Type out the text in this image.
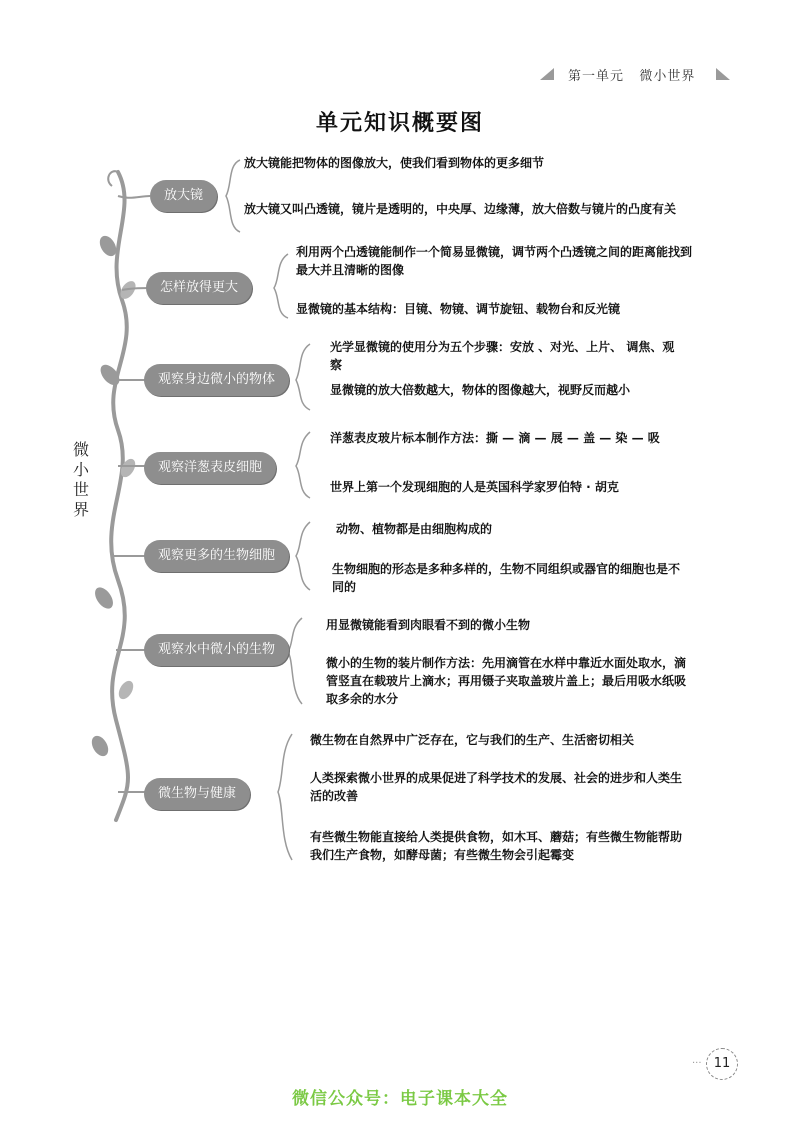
第一单元 微小世界
单元知识概要图
微小世界
放大镜
怎样放得更大
观察身边微小的物体
观察洋葱表皮细胞
观察更多的生物细胞
观察水中微小的生物
微生物与健康
放大镜能把物体的图像放大，使我们看到物体的更多细节
放大镜又叫凸透镜，镜片是透明的，中央厚、边缘薄，放大倍数与镜片的凸度有关
利用两个凸透镜能制作一个简易显微镜，调节两个凸透镜之间的距离能找到最大并且清晰的图像
显微镜的基本结构：目镜、物镜、调节旋钮、载物台和反光镜
光学显微镜的使用分为五个步骤：安放 、对光、上片、 调焦、观察
显微镜的放大倍数越大，物体的图像越大，视野反而越小
洋葱表皮玻片标本制作方法：撕 — 滴 — 展 — 盖 — 染 — 吸
世界上第一个发现细胞的人是英国科学家罗伯特 · 胡克
动物、植物都是由细胞构成的
生物细胞的形态是多种多样的，生物不同组织或器官的细胞也是不同的
用显微镜能看到肉眼看不到的微小生物
微小的生物的装片制作方法：先用滴管在水样中靠近水面处取水，滴管竖直在载玻片上滴水；再用镊子夹取盖玻片盖上；最后用吸水纸吸取多余的水分
微生物在自然界中广泛存在，它与我们的生产、生活密切相关
人类探索微小世界的成果促进了科学技术的发展、社会的进步和人类生活的改善
有些微生物能直接给人类提供食物，如木耳、蘑菇；有些微生物能帮助我们生产食物，如酵母菌；有些微生物会引起霉变
··· 11
微信公众号：电子课本大全
